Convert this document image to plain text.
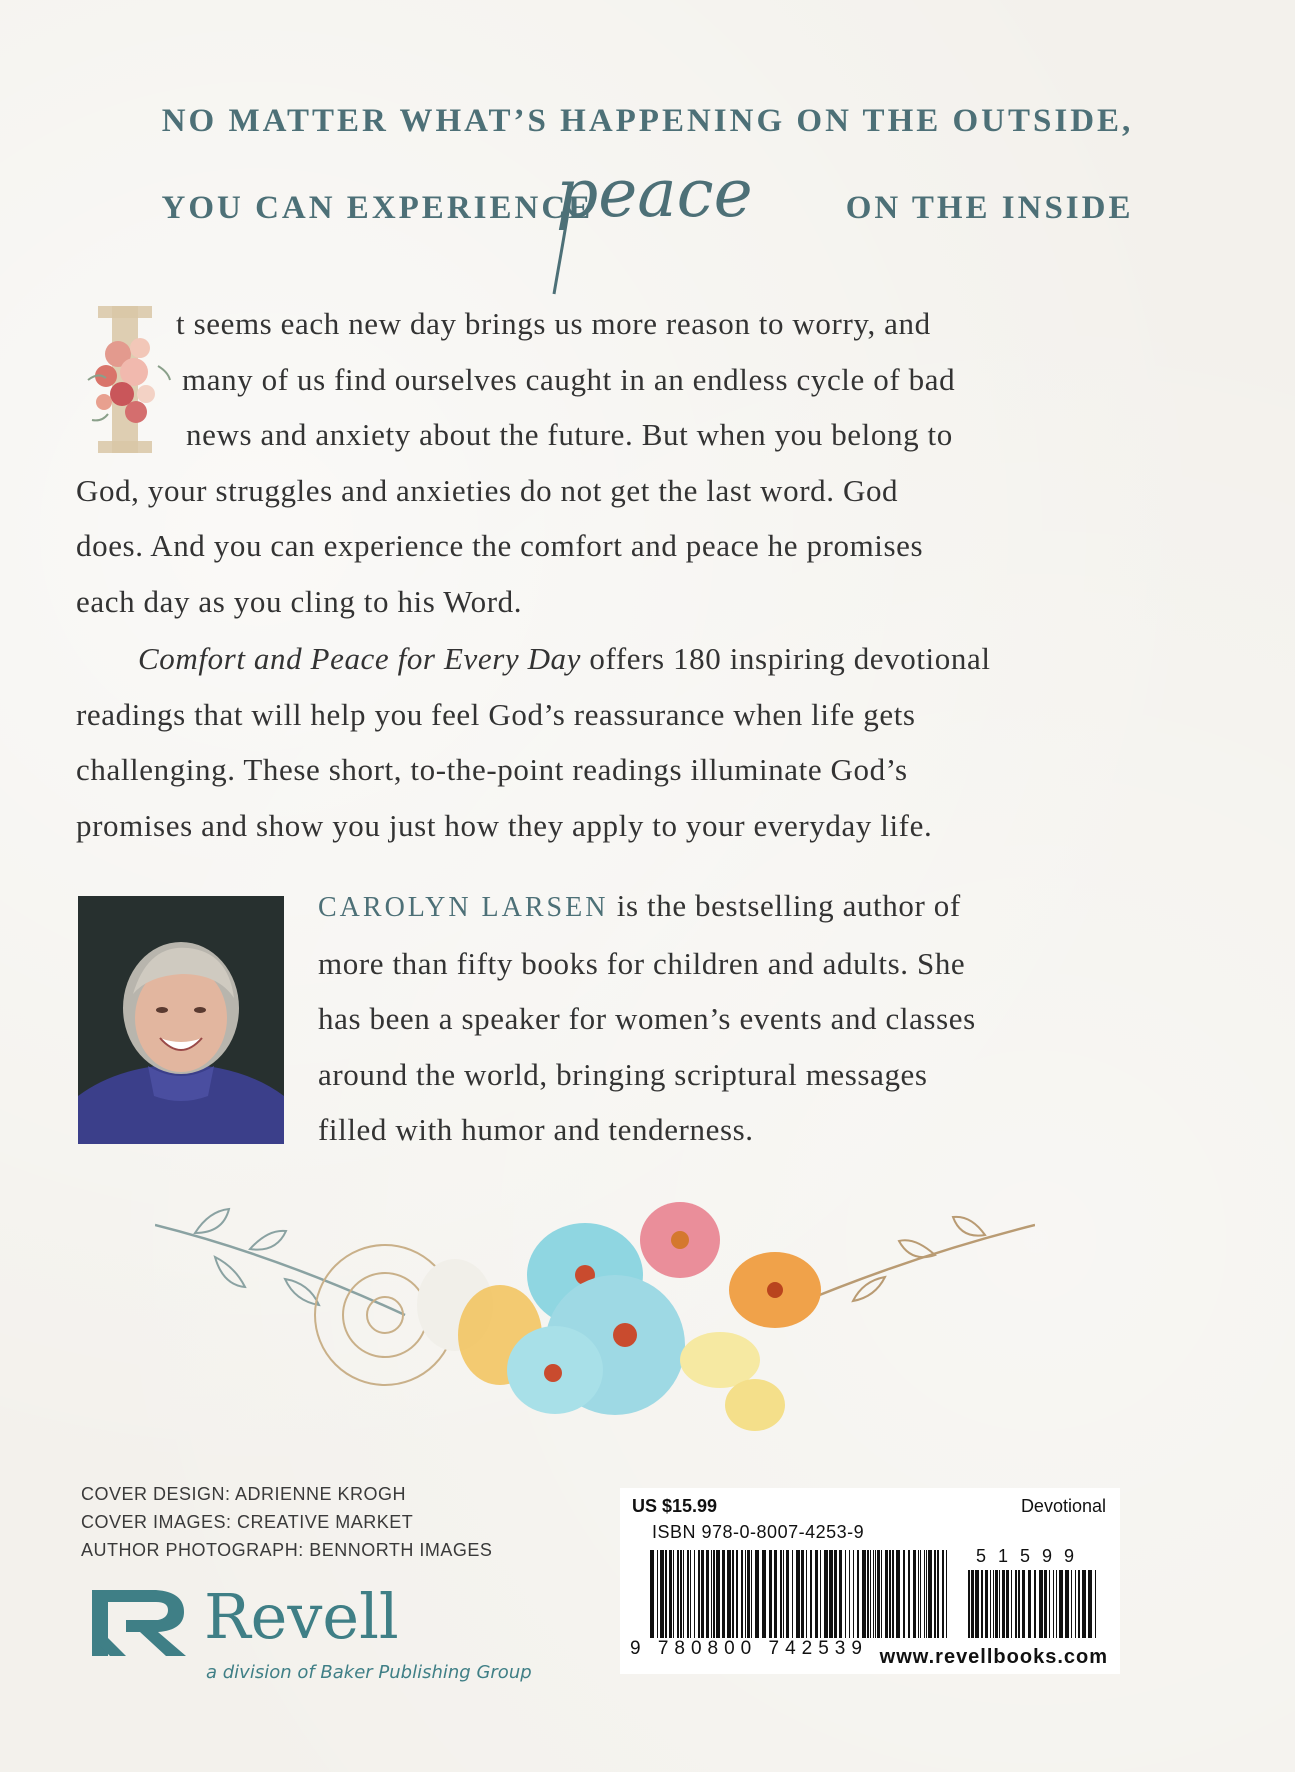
NO MATTER WHAT’S HAPPENING ON THE OUTSIDE,
YOU CAN EXPERIENCE	ON THE INSIDE
peace
t seems each new day brings us more reason to worry, and
many of us find ourselves caught in an endless cycle of bad
news and anxiety about the future. But when you belong to
God, your struggles and anxieties do not get the last word. God
does. And you can experience the comfort and peace he promises
each day as you cling to his Word.
Comfort and Peace for Every Day offers 180 inspiring devotional
readings that will help you feel God’s reassurance when life gets
challenging. These short, to-the-point readings illuminate God’s
promises and show you just how they apply to your everyday life.
CAROLYN LARSEN is the bestselling author of
more than fifty books for children and adults. She
has been a speaker for women’s events and classes
around the world, bringing scriptural messages
filled with humor and tenderness.
COVER DESIGN: ADRIENNE KROGH
COVER IMAGES: CREATIVE MARKET
AUTHOR PHOTOGRAPH: BENNORTH IMAGES
Revell
a division of Baker Publishing Group
US $15.99	Devotional
ISBN 978-0-8007-4253-9
51599
9 780800 742539 www.revellbooks.com
